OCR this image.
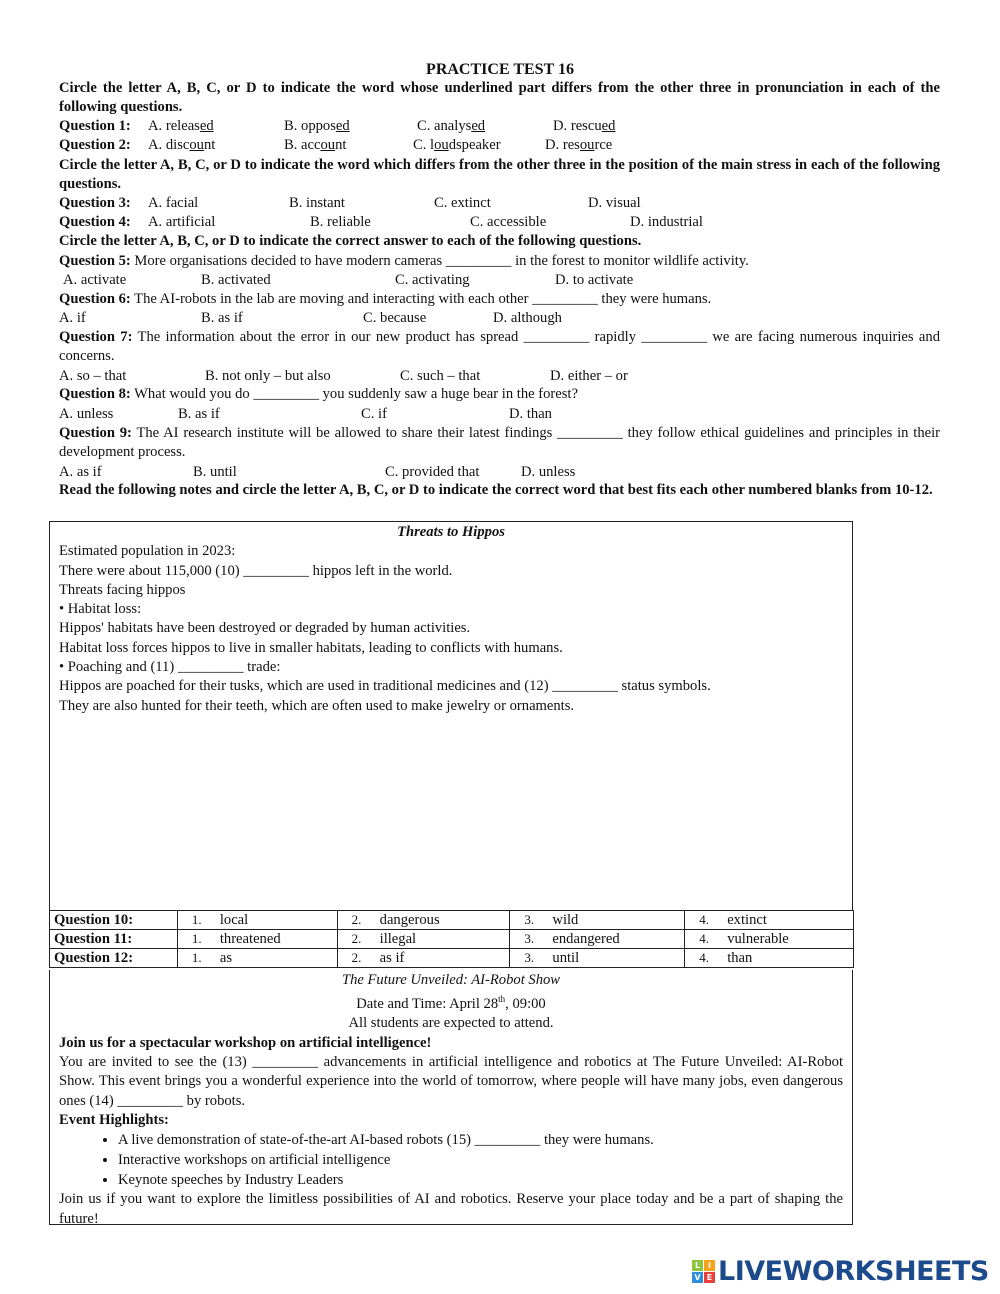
PRACTICE TEST 16
Circle the letter A, B, C, or D to indicate the word whose underlined part differs from the other three in pronunciation in each of the following questions.
Question 1: A. released	B. opposed	C. analysed	D. rescued
Question 2: A. discount	B. account	C. loudspeaker	D. resource
Circle the letter A, B, C, or D to indicate the word which differs from the other three in the position of the main stress in each of the following questions.
Question 3: A. facial	B. instant	C. extinct	D. visual
Question 4: A. artificial	B. reliable	C. accessible	D. industrial
Circle the letter A, B, C, or D to indicate the correct answer to each of the following questions.
Question 5: More organisations decided to have modern cameras _________ in the forest to monitor wildlife activity.
A. activate	B. activated	C. activating	D. to activate
Question 6: The AI-robots in the lab are moving and interacting with each other _________ they were humans.
A. if	B. as if	C. because	D. although
Question 7: The information about the error in our new product has spread _________ rapidly _________ we are facing numerous inquiries and concerns.
A. so – that	B. not only – but also	C. such – that	D. either – or
Question 8: What would you do _________ you suddenly saw a huge bear in the forest?
A. unless	B. as if	C. if	D. than
Question 9: The AI research institute will be allowed to share their latest findings _________ they follow ethical guidelines and principles in their development process.
A. as if	B. until	C. provided that	D. unless
Read the following notes and circle the letter A, B, C, or D to indicate the correct word that best fits each other numbered blanks from 10-12.
Threats to Hippos
Estimated population in 2023:
There were about 115,000 (10) _________ hippos left in the world.
Threats facing hippos
• Habitat loss:
Hippos' habitats have been destroyed or degraded by human activities.
Habitat loss forces hippos to live in smaller habitats, leading to conflicts with humans.
• Poaching and (11) _________ trade:
Hippos are poached for their tusks, which are used in traditional medicines and (12) _________ status symbols.
They are also hunted for their teeth, which are often used to make jewelry or ornaments.
Question 10:	1. local	2. dangerous	3. wild	4. extinct
Question 11:	1. threatened	2. illegal	3. endangered	4. vulnerable
Question 12:	1. as	2. as if	3. until	4. than
The Future Unveiled: AI-Robot Show
Date and Time: April 28th, 09:00
All students are expected to attend.
Join us for a spectacular workshop on artificial intelligence!
You are invited to see the (13) _________ advancements in artificial intelligence and robotics at The Future Unveiled: AI-Robot Show. This event brings you a wonderful experience into the world of tomorrow, where people will have many jobs, even dangerous ones (14) _________ by robots.
Event Highlights:
• A live demonstration of state-of-the-art AI-based robots (15) _________ they were humans.
• Interactive workshops on artificial intelligence
• Keynote speeches by Industry Leaders
Join us if you want to explore the limitless possibilities of AI and robotics. Reserve your place today and be a part of shaping the future!
L I
V E LIVEWORKSHEETS
